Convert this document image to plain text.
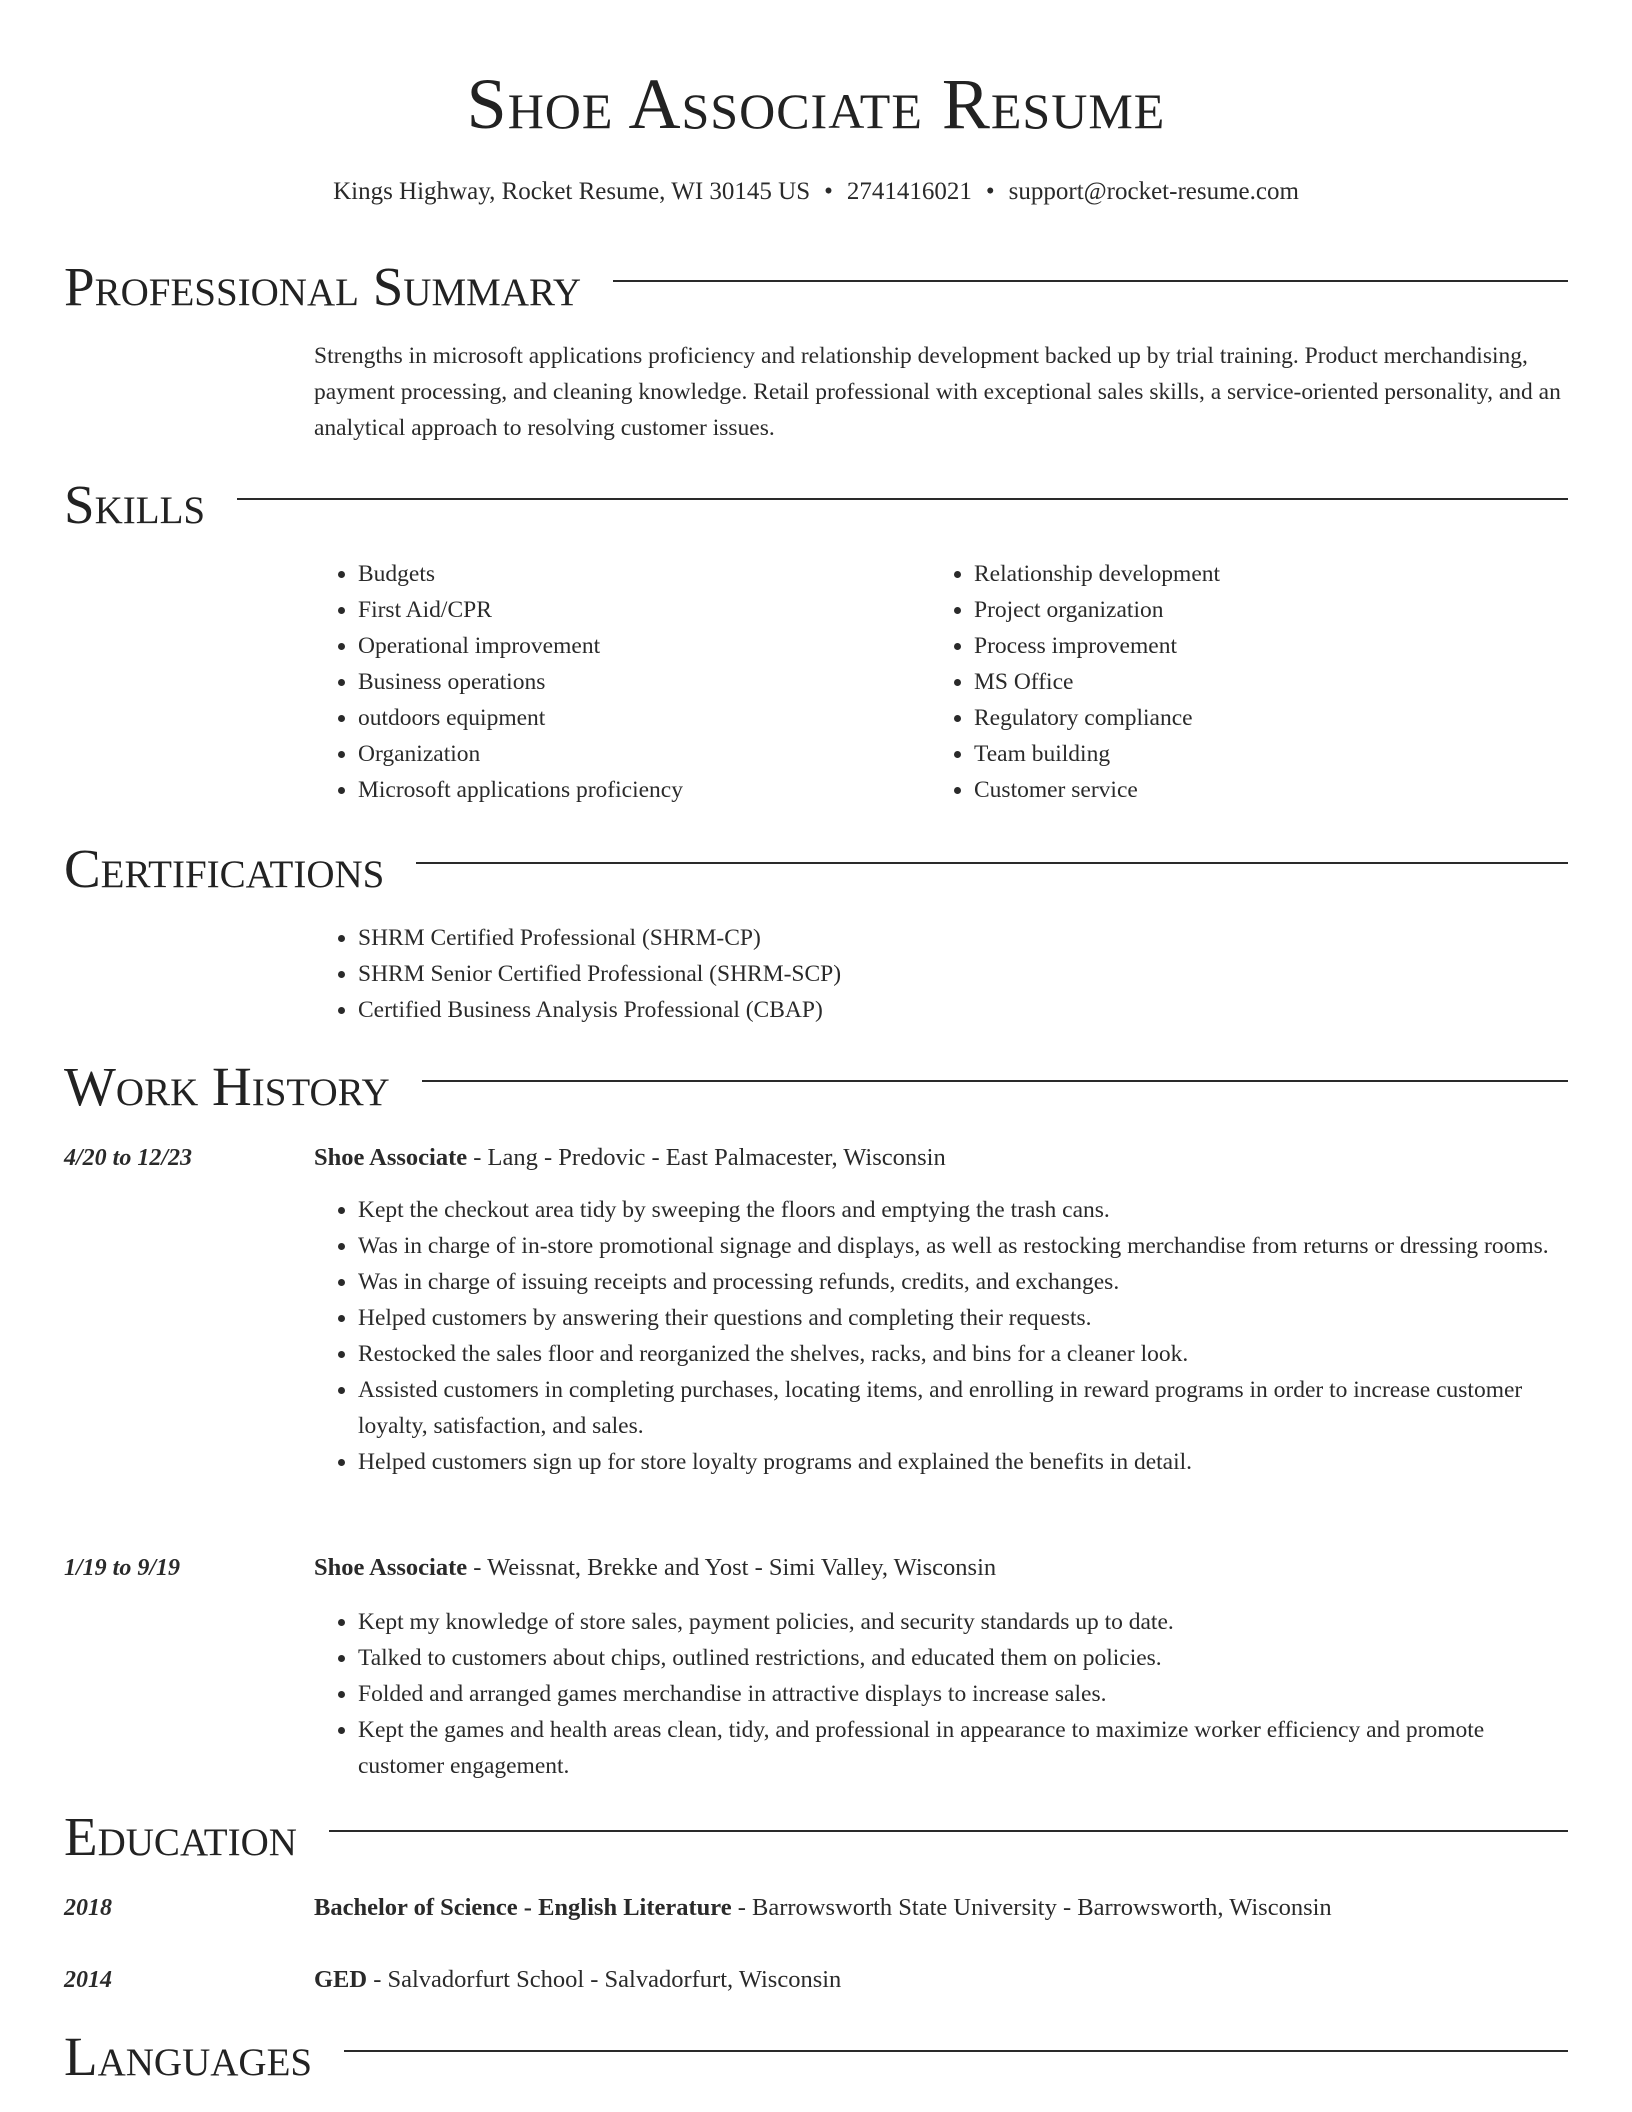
Shoe Associate Resume
Kings Highway, Rocket Resume, WI 30145 US • 2741416021 • support@rocket-resume.com
Professional Summary
Strengths in microsoft applications proficiency and relationship development backed up by trial training. Product merchandising, payment processing, and cleaning knowledge. Retail professional with exceptional sales skills, a service-oriented personality, and an analytical approach to resolving customer issues.
Skills
• Budgets
• First Aid/CPR
• Operational improvement
• Business operations
• outdoors equipment
• Organization
• Microsoft applications proficiency
• Relationship development
• Project organization
• Process improvement
• MS Office
• Regulatory compliance
• Team building
• Customer service
Certifications
• SHRM Certified Professional (SHRM-CP)
• SHRM Senior Certified Professional (SHRM-SCP)
• Certified Business Analysis Professional (CBAP)
Work History
4/20 to 12/23	Shoe Associate - Lang - Predovic - East Palmacester, Wisconsin
• Kept the checkout area tidy by sweeping the floors and emptying the trash cans.
• Was in charge of in-store promotional signage and displays, as well as restocking merchandise from returns or dressing rooms.
• Was in charge of issuing receipts and processing refunds, credits, and exchanges.
• Helped customers by answering their questions and completing their requests.
• Restocked the sales floor and reorganized the shelves, racks, and bins for a cleaner look.
• Assisted customers in completing purchases, locating items, and enrolling in reward programs in order to increase customer loyalty, satisfaction, and sales.
• Helped customers sign up for store loyalty programs and explained the benefits in detail.
1/19 to 9/19	Shoe Associate - Weissnat, Brekke and Yost - Simi Valley, Wisconsin
• Kept my knowledge of store sales, payment policies, and security standards up to date.
• Talked to customers about chips, outlined restrictions, and educated them on policies.
• Folded and arranged games merchandise in attractive displays to increase sales.
• Kept the games and health areas clean, tidy, and professional in appearance to maximize worker efficiency and promote customer engagement.
Education
2018	Bachelor of Science - English Literature - Barrowsworth State University - Barrowsworth, Wisconsin
2014	GED - Salvadorfurt School - Salvadorfurt, Wisconsin
Languages
